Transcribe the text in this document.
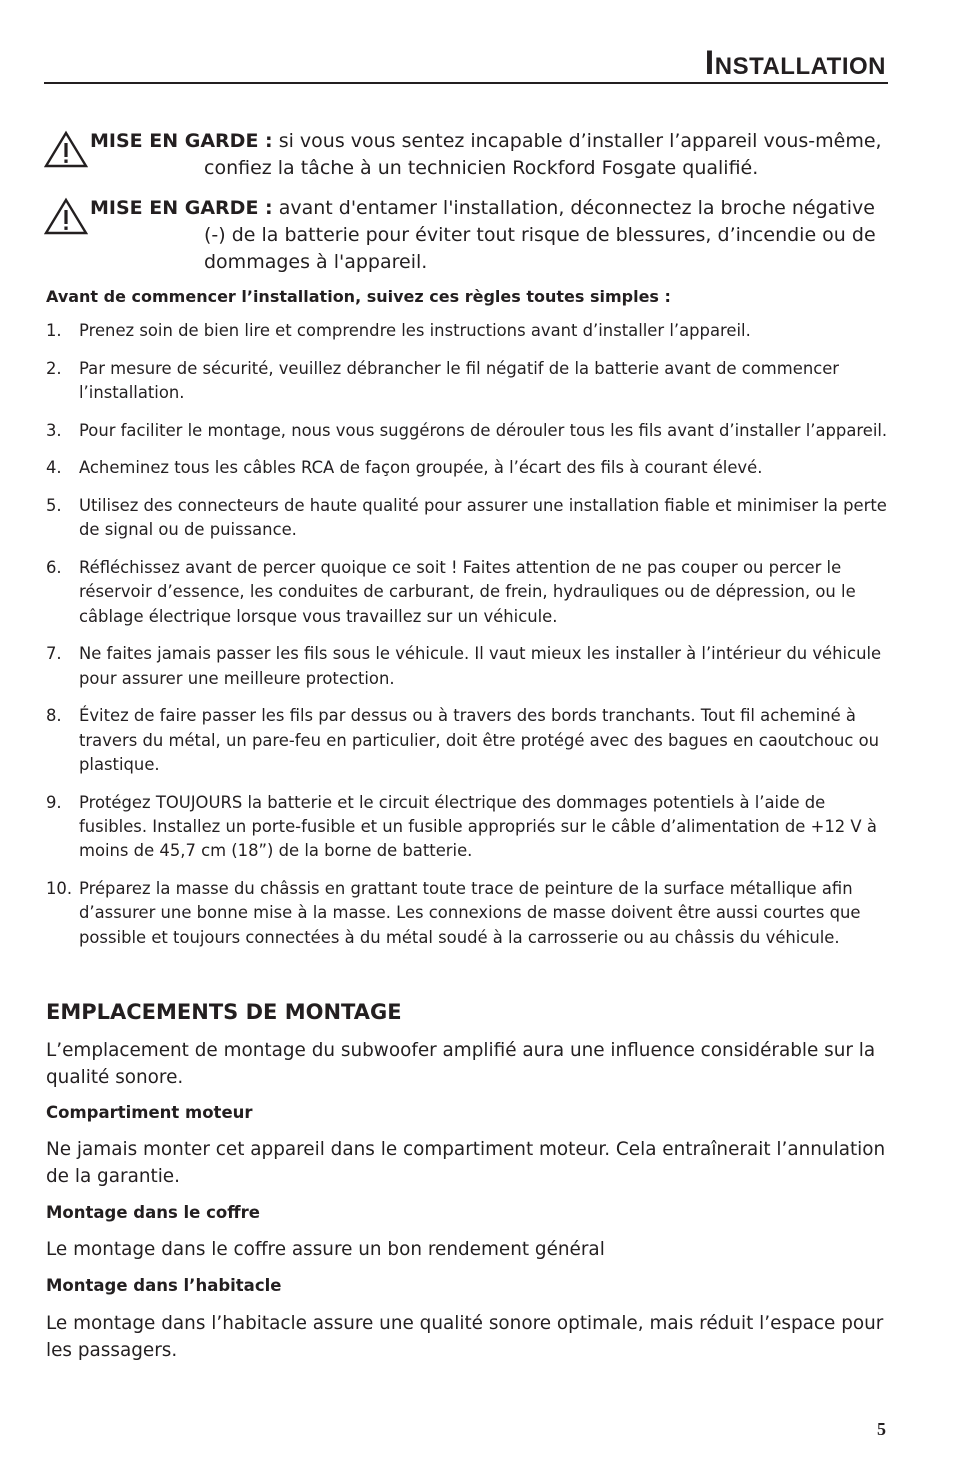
Installation
MISE EN GARDE : si vous vous sentez incapable d’installer l’appareil vous-même,
confiez la tâche à un technicien Rockford Fosgate qualifié.
MISE EN GARDE : avant d'entamer l'installation, déconnectez la broche négative
(-) de la batterie pour éviter tout risque de blessures, d’incendie ou de dommages à l'appareil.

Avant de commencer l’installation, suivez ces règles toutes simples :

1. Prenez soin de bien lire et comprendre les instructions avant d’installer l’appareil.
2. Par mesure de sécurité, veuillez débrancher le fil négatif de la batterie avant de commencer l’installation.
3. Pour faciliter le montage, nous vous suggérons de dérouler tous les fils avant d’installer l’appareil.
4. Acheminez tous les câbles RCA de façon groupée, à l’écart des fils à courant élevé.
5. Utilisez des connecteurs de haute qualité pour assurer une installation fiable et minimiser la perte de signal ou de puissance.
6. Réfléchissez avant de percer quoique ce soit ! Faites attention de ne pas couper ou percer le réservoir d’essence, les conduites de carburant, de frein, hydrauliques ou de dépression, ou le câblage électrique lorsque vous travaillez sur un véhicule.
7. Ne faites jamais passer les fils sous le véhicule. Il vaut mieux les installer à l’intérieur du véhicule pour assurer une meilleure protection.
8. Évitez de faire passer les fils par dessus ou à travers des bords tranchants. Tout fil acheminé à travers du métal, un pare-feu en particulier, doit être protégé avec des bagues en caoutchouc ou plastique.
9. Protégez TOUJOURS la batterie et le circuit électrique des dommages potentiels à l’aide de fusibles. Installez un porte-fusible et un fusible appropriés sur le câble d’alimentation de +12 V à moins de 45,7 cm (18”) de la borne de batterie.
10. Préparez la masse du châssis en grattant toute trace de peinture de la surface métallique afin d’assurer une bonne mise à la masse. Les connexions de masse doivent être aussi courtes que possible et toujours connectées à du métal soudé à la carrosserie ou au châssis du véhicule.
EMPLACEMENTS DE MONTAGE

L’emplacement de montage du subwoofer amplifié aura une influence considérable sur la qualité sonore.

Compartiment moteur

Ne jamais monter cet appareil dans le compartiment moteur. Cela entraînerait l’annulation de la garantie.

Montage dans le coffre

Le montage dans le coffre assure un bon rendement général

Montage dans l’habitacle

Le montage dans l’habitacle assure une qualité sonore optimale, mais réduit l’espace pour les passagers.

5
